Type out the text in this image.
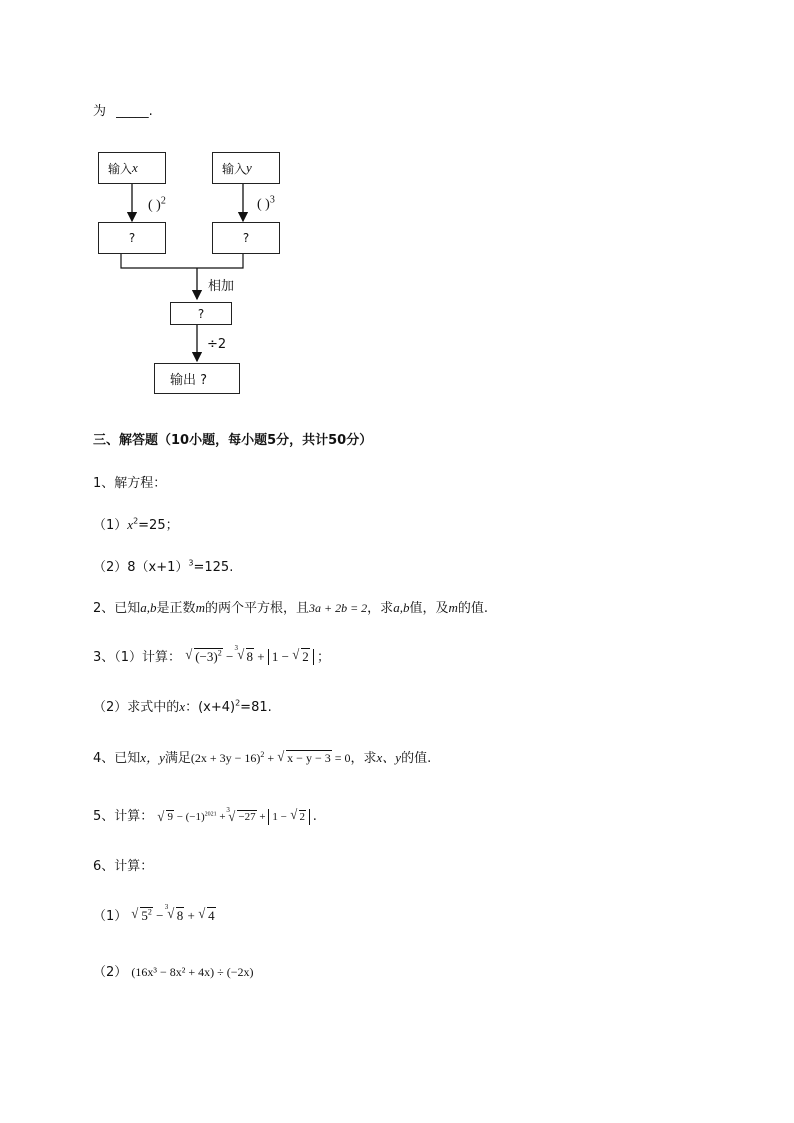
为 _____.
输入 x	输入 y
( )$^2$	( )$^3$
?	?
相加
?
÷2
输出 ?
三、解答题（10小题，每小题5分，共计50分）
1、解方程：
$(1)x^2=25$；
$(2)8(x+1)^3=125$.
2、已知a,b是正数m的两个平方根，且3a + 2b = 2，求a,b值，及m的值.
3、（1）计算： √ $(-3)^2$ −
3
√ 8 + 1 − √ 2 ；
（2）求式中的x：$(x+4)^2=81$.
4、已知x，y满足$(2x + 3y - 16)^2$ + √ x − y − 3 = 0，求x、y的值.
5、计算： √ $9 - (-1)^{2021}$ +
3
√ −27 + 1 − √ 2 .
6、计算：
（1） √ $5^2$ −
3
√ 8 + √ 4
（2） (16x³ − 8x² + 4x) ÷ (−2x)
